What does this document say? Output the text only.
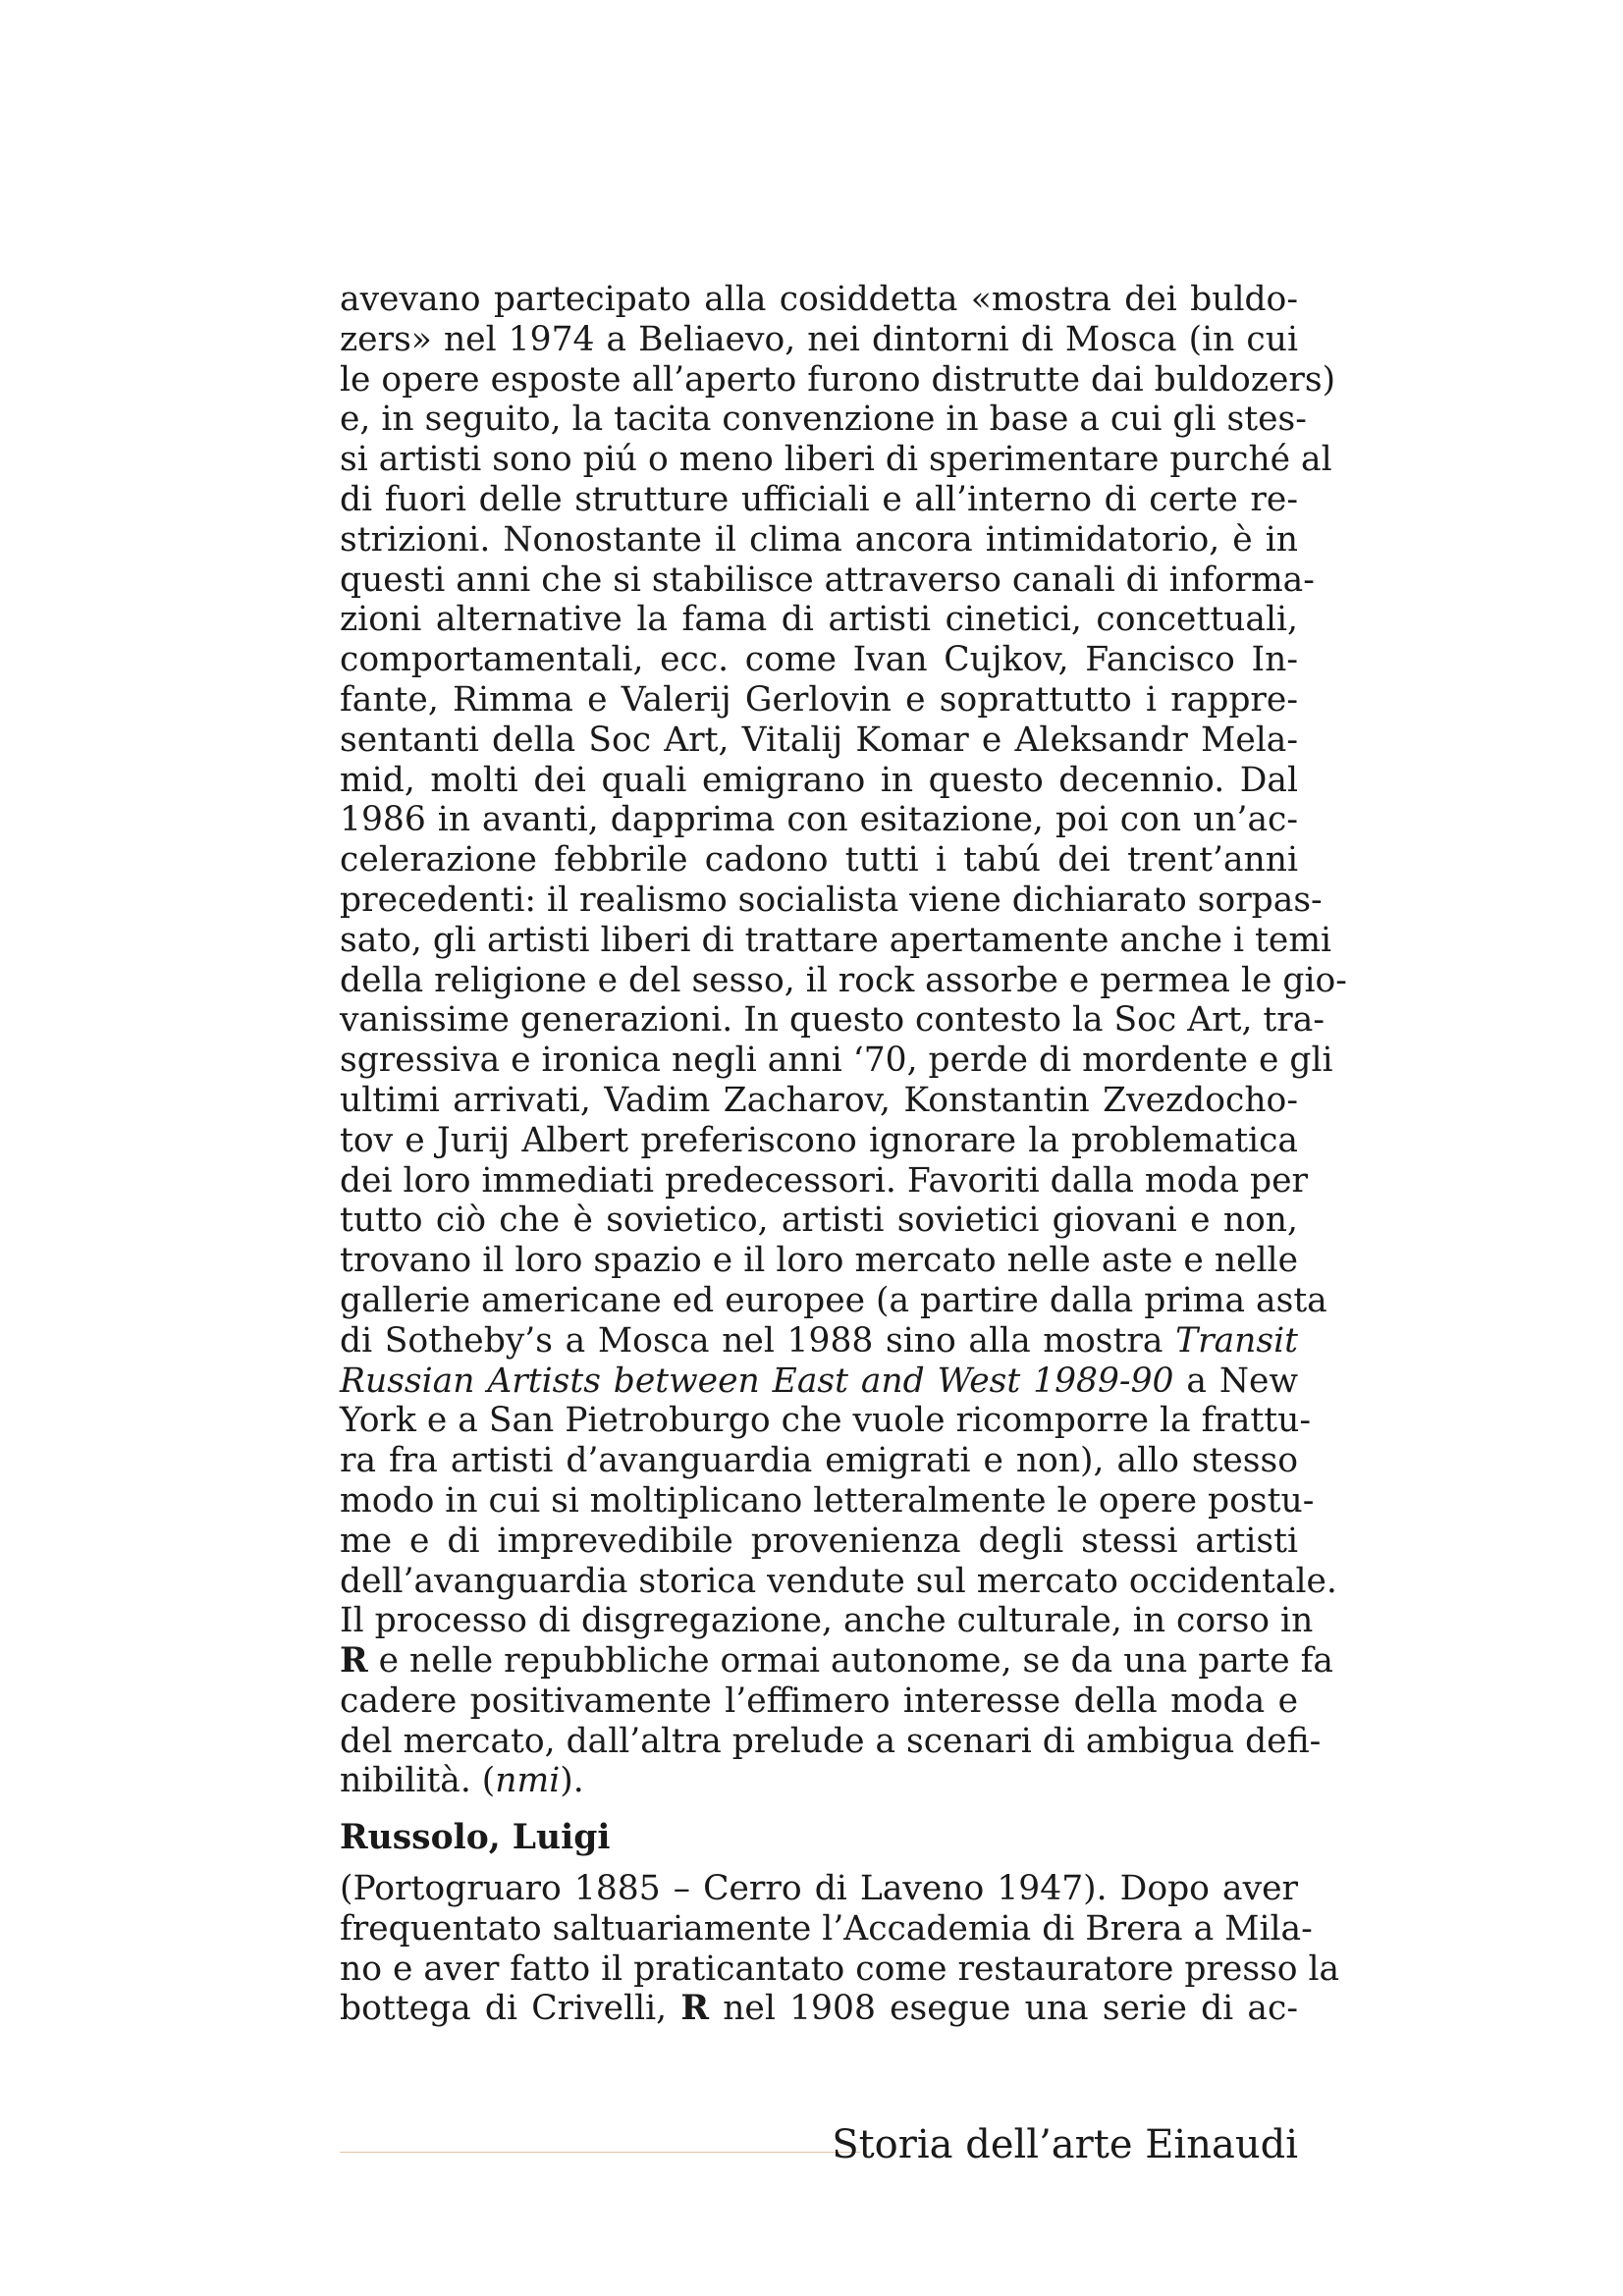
avevano partecipato alla cosiddetta «mostra dei buldo-
zers» nel 1974 a Beliaevo, nei dintorni di Mosca (in cui
le opere esposte all’aperto furono distrutte dai buldozers)
e, in seguito, la tacita convenzione in base a cui gli stes-
si artisti sono piú o meno liberi di sperimentare purché al
di fuori delle strutture ufficiali e all’interno di certe re-
strizioni. Nonostante il clima ancora intimidatorio, è in
questi anni che si stabilisce attraverso canali di informa-
zioni alternative la fama di artisti cinetici, concettuali,
comportamentali, ecc. come Ivan Cujkov, Fancisco In-
fante, Rimma e Valerij Gerlovin e soprattutto i rappre-
sentanti della Soc Art, Vitalij Komar e Aleksandr Mela-
mid, molti dei quali emigrano in questo decennio. Dal
1986 in avanti, dapprima con esitazione, poi con un’ac-
celerazione febbrile cadono tutti i tabú dei trent’anni
precedenti: il realismo socialista viene dichiarato sorpas-
sato, gli artisti liberi di trattare apertamente anche i temi
della religione e del sesso, il rock assorbe e permea le gio-
vanissime generazioni. In questo contesto la Soc Art, tra-
sgressiva e ironica negli anni ‘70, perde di mordente e gli
ultimi arrivati, Vadim Zacharov, Konstantin Zvezdocho-
tov e Jurij Albert preferiscono ignorare la problematica
dei loro immediati predecessori. Favoriti dalla moda per
tutto ciò che è sovietico, artisti sovietici giovani e non,
trovano il loro spazio e il loro mercato nelle aste e nelle
gallerie americane ed europee (a partire dalla prima asta
di Sotheby’s a Mosca nel 1988 sino alla mostra Transit
Russian Artists between East and West 1989-90 a New
York e a San Pietroburgo che vuole ricomporre la frattu-
ra fra artisti d’avanguardia emigrati e non), allo stesso
modo in cui si moltiplicano letteralmente le opere postu-
me e di imprevedibile provenienza degli stessi artisti
dell’avanguardia storica vendute sul mercato occidentale.
Il processo di disgregazione, anche culturale, in corso in
R e nelle repubbliche ormai autonome, se da una parte fa
cadere positivamente l’effimero interesse della moda e
del mercato, dall’altra prelude a scenari di ambigua defi-
nibilità. (nmi).
Russolo, Luigi
(Portogruaro 1885 – Cerro di Laveno 1947). Dopo aver
frequentato saltuariamente l’Accademia di Brera a Mila-
no e aver fatto il praticantato come restauratore presso la
bottega di Crivelli, R nel 1908 esegue una serie di ac-
Storia dell’arte Einaudi
